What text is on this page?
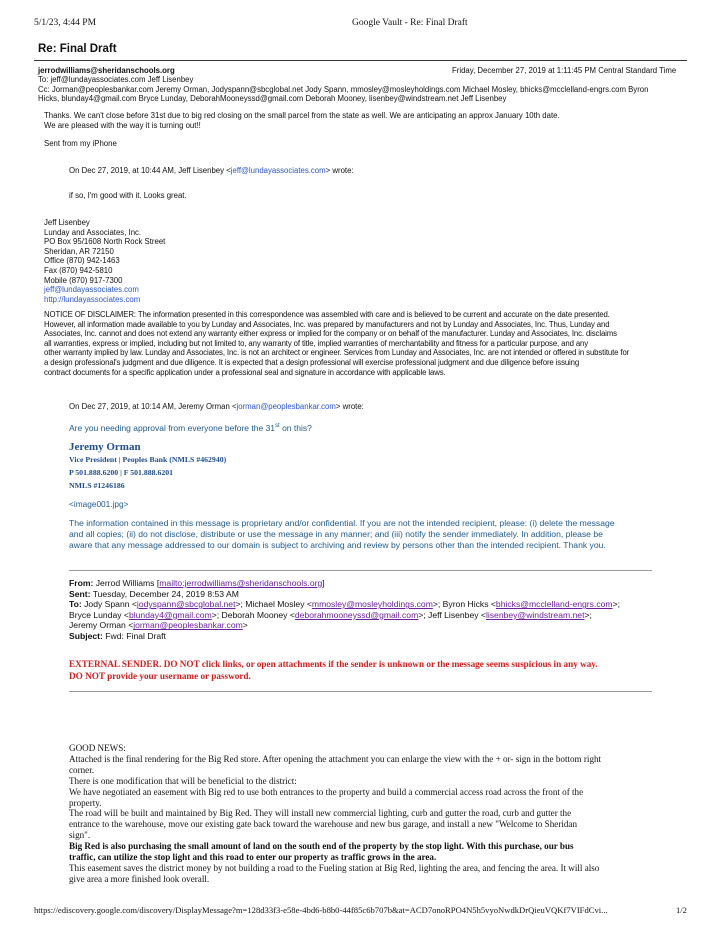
5/1/23, 4:44 PM	Google Vault - Re: Final Draft
Re: Final Draft
jerrodwilliams@sheridanschools.org	Friday, December 27, 2019 at 1:11:45 PM Central Standard Time
To: jeff@lundayassociates.com Jeff Lisenbey
Cc: Jorman@peoplesbankar.com Jeremy Orman, Jodyspann@sbcglobal.net Jody Spann, mmosley@mosleyholdings.com Michael Mosley, bhicks@mcclelland-engrs.com Byron
Hicks, blunday4@gmail.com Bryce Lunday, DeborahMooneyssd@gmail.com Deborah Mooney, lisenbey@windstream.net Jeff Lisenbey
Thanks. We can't close before 31st due to big red closing on the small parcel from the state as well. We are anticipating an approx January 10th date.
We are pleased with the way it is turning out!!
Sent from my iPhone
On Dec 27, 2019, at 10:44 AM, Jeff Lisenbey <jeff@lundayassociates.com> wrote:
if so, I'm good with it. Looks great.
Jeff Lisenbey
Lunday and Associates, Inc.
PO Box 95/1608 North Rock Street
Sheridan, AR 72150
Office (870) 942-1463
Fax (870) 942-5810
Mobile (870) 917-7300
jeff@lundayassociates.com
http://lundayassociates.com
NOTICE OF DISCLAIMER: The information presented in this correspondence was assembled with care and is believed to be current and accurate on the date presented.
However, all information made available to you by Lunday and Associates, Inc. was prepared by manufacturers and not by Lunday and Associates, Inc. Thus, Lunday and
Associates, Inc. cannot and does not extend any warranty either express or implied for the company or on behalf of the manufacturer. Lunday and Associates, Inc. disclaims
all warranties, express or implied, including but not limited to, any warranty of title, implied warranties of merchantability and fitness for a particular purpose, and any
other warranty implied by law. Lunday and Associates, Inc. is not an architect or engineer. Services from Lunday and Associates, Inc. are not intended or offered in substitute for
a design professional's judgment and due diligence. It is expected that a design professional will exercise professional judgment and due diligence before issuing
contract documents for a specific application under a professional seal and signature in accordance with applicable laws.
On Dec 27, 2019, at 10:14 AM, Jeremy Orman <jorman@peoplesbankar.com> wrote:
Are you needing approval from everyone before the 31st on this?
Jeremy Orman
Vice President | Peoples Bank (NMLS #462940)
P 501.888.6200 | F 501.888.6201
NMLS #1246186
<image001.jpg>
The information contained in this message is proprietary and/or confidential. If you are not the intended recipient, please: (i) delete the message
and all copies; (ii) do not disclose, distribute or use the message in any manner; and (iii) notify the sender immediately. In addition, please be
aware that any message addressed to our domain is subject to archiving and review by persons other than the intended recipient. Thank you.
From: Jerrod Williams [mailto:jerrodwilliams@sheridanschools.org]
Sent: Tuesday, December 24, 2019 8:53 AM
To: Jody Spann <jodyspann@sbcglobal.net>; Michael Mosley <mmosley@mosleyholdings.com>; Byron Hicks <bhicks@mcclelland-engrs.com>;
Bryce Lunday <blunday4@gmail.com>; Deborah Mooney <deborahmooneyssd@gmail.com>; Jeff Lisenbey <lisenbey@windstream.net>;
Jeremy Orman <jorman@peoplesbankar.com>
Subject: Fwd: Final Draft
EXTERNAL SENDER. DO NOT click links, or open attachments if the sender is unknown or the message seems suspicious in any way.
DO NOT provide your username or password.
GOOD NEWS:
Attached is the final rendering for the Big Red store. After opening the attachment you can enlarge the view with the + or- sign in the bottom right
corner.
There is one modification that will be beneficial to the district:
We have negotiated an easement with Big red to use both entrances to the property and build a commercial access road across the front of the
property.
The road will be built and maintained by Big Red. They will install new commercial lighting, curb and gutter the road, curb and gutter the
entrance to the warehouse, move our existing gate back toward the warehouse and new bus garage, and install a new "Welcome to Sheridan
sign".
Big Red is also purchasing the small amount of land on the south end of the property by the stop light. With this purchase, our bus
traffic, can utilize the stop light and this road to enter our property as traffic grows in the area.
This easement saves the district money by not building a road to the Fueling station at Big Red, lighting the area, and fencing the area. It will also
give area a more finished look overall.
https://ediscovery.google.com/discovery/DisplayMessage?m=128d33f3-e58e-4bd6-b8b0-44f85c6b707b&at=ACD7onoRPO4N5h5vyoNwdkDrQieuVQKf7VIFdCvi...	1/2
